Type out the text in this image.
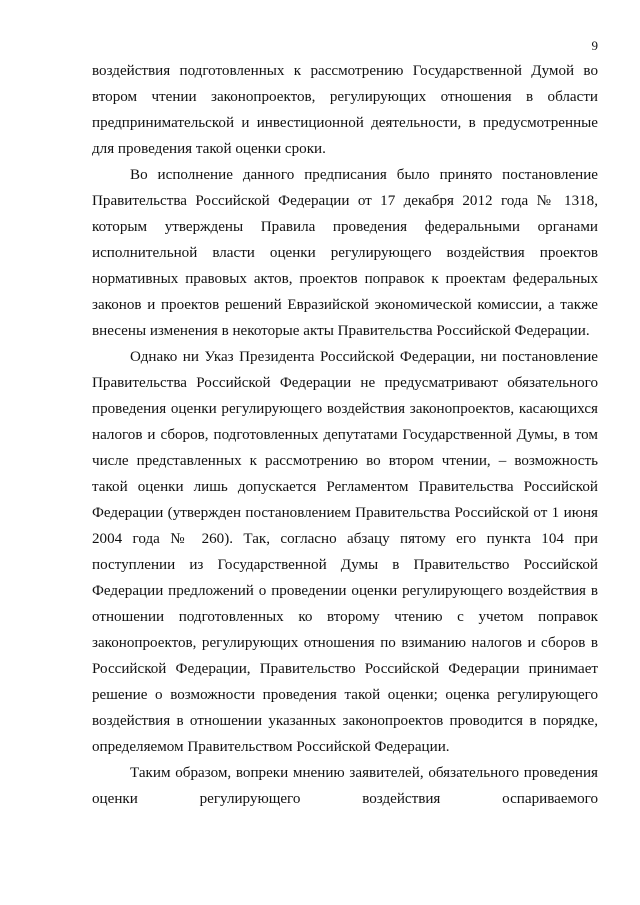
9

воздействия подготовленных к рассмотрению Государственной Думой во втором чтении законопроектов, регулирующих отношения в области предпринимательской и инвестиционной деятельности, в предусмотренные для проведения такой оценки сроки.

Во исполнение данного предписания было принято постановление Правительства Российской Федерации от 17 декабря 2012 года № 1318, которым утверждены Правила проведения федеральными органами исполнительной власти оценки регулирующего воздействия проектов нормативных правовых актов, проектов поправок к проектам федеральных законов и проектов решений Евразийской экономической комиссии, а также внесены изменения в некоторые акты Правительства Российской Федерации.

Однако ни Указ Президента Российской Федерации, ни постановление Правительства Российской Федерации не предусматривают обязательного проведения оценки регулирующего воздействия законопроектов, касающихся налогов и сборов, подготовленных депутатами Государственной Думы, в том числе представленных к рассмотрению во втором чтении, – возможность такой оценки лишь допускается Регламентом Правительства Российской Федерации (утвержден постановлением Правительства Российской от 1 июня 2004 года № 260). Так, согласно абзацу пятому его пункта 104 при поступлении из Государственной Думы в Правительство Российской Федерации предложений о проведении оценки регулирующего воздействия в отношении подготовленных ко второму чтению с учетом поправок законопроектов, регулирующих отношения по взиманию налогов и сборов в Российской Федерации, Правительство Российской Федерации принимает решение о возможности проведения такой оценки; оценка регулирующего воздействия в отношении указанных законопроектов проводится в порядке, определяемом Правительством Российской Федерации.

Таким образом, вопреки мнению заявителей, обязательного проведения оценки регулирующего воздействия оспариваемого
